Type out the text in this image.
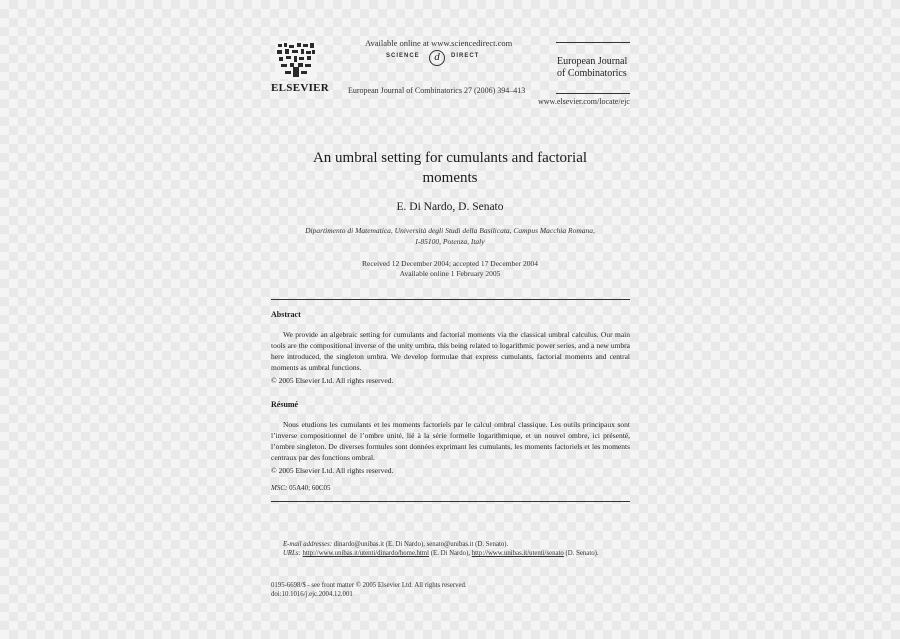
ELSEVIER
Available online at www.sciencedirect.com
SCIENCE	DIRECT
d
European Journal of Combinatorics 27 (2006) 394–413
European Journal
of Combinatorics
www.elsevier.com/locate/ejc
An umbral setting for cumulants and factorial
moments
E. Di Nardo, D. Senato
Dipartimento di Matematica, Università degli Studi della Basilicata, Campus Macchia Romana,
I-85100, Potenza, Italy
Received 12 December 2004; accepted 17 December 2004
Available online 1 February 2005
Abstract
We provide an algebraic setting for cumulants and factorial moments via the classical umbral calculus. Our main tools are the compositional inverse of the unity umbra, this being related to logarithmic power series, and a new umbra here introduced, the singleton umbra. We develop formulae that express cumulants, factorial moments and central moments as umbral functions.
© 2005 Elsevier Ltd. All rights reserved.
Résumé
Nous etudions les cumulants et les moments factoriels par le calcul ombral classique. Les outils principaux sont l’inverse compositionnel de l’ombre unité, lié à la série formelle logarithmique, et un nouvel ombre, ici présenté, l’ombre singleton. De diverses formules sont données exprimant les cumulants, les moments factoriels et les moments centraux par des fonctions ombral.
© 2005 Elsevier Ltd. All rights reserved.
MSC: 05A40; 60C05
E-mail addresses: dinardo@unibas.it (E. Di Nardo), senato@unibas.it (D. Senato).
URLs: http://www.unibas.it/utenti/dinardo/home.html (E. Di Nardo), http://www.unibas.it/utenti/senato (D. Senato).
0195-6698/$ - see front matter © 2005 Elsevier Ltd. All rights reserved.
doi:10.1016/j.ejc.2004.12.001
